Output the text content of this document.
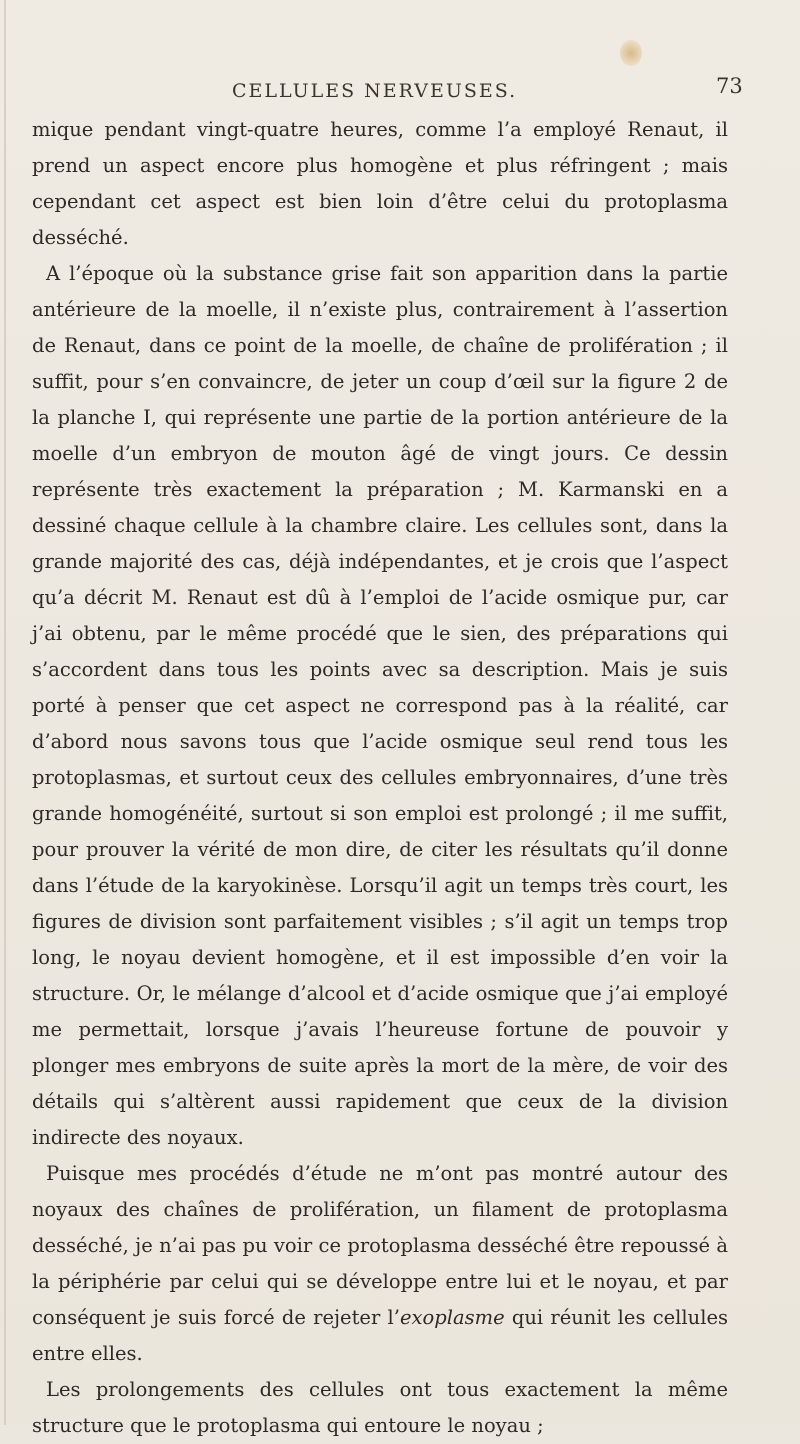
CELLULES NERVEUSES.	73

mique pendant vingt-quatre heures, comme l’a employé Renaut, il prend un aspect encore plus homogène et plus réfringent ; mais cependant cet aspect est bien loin d’être celui du protoplasma desséché.

A l’époque où la substance grise fait son apparition dans la partie antérieure de la moelle, il n’existe plus, contrairement à l’assertion de Renaut, dans ce point de la moelle, de chaîne de prolifération ; il suffit, pour s’en convaincre, de jeter un coup d’œil sur la figure 2 de la planche I, qui représente une partie de la portion antérieure de la moelle d’un embryon de mouton âgé de vingt jours. Ce dessin représente très exactement la préparation ; M. Karmanski en a dessiné chaque cellule à la chambre claire. Les cellules sont, dans la grande majorité des cas, déjà indépendantes, et je crois que l’aspect qu’a décrit M. Renaut est dû à l’emploi de l’acide osmique pur, car j’ai obtenu, par le même procédé que le sien, des préparations qui s’accordent dans tous les points avec sa description. Mais je suis porté à penser que cet aspect ne correspond pas à la réalité, car d’abord nous savons tous que l’acide osmique seul rend tous les protoplasmas, et surtout ceux des cellules embryonnaires, d’une très grande homogénéité, surtout si son emploi est prolongé ; il me suffit, pour prouver la vérité de mon dire, de citer les résultats qu’il donne dans l’étude de la karyokinèse. Lorsqu’il agit un temps très court, les figures de division sont parfaitement visibles ; s’il agit un temps trop long, le noyau devient homogène, et il est impossible d’en voir la structure. Or, le mélange d’alcool et d’acide osmique que j’ai employé me permettait, lorsque j’avais l’heureuse fortune de pouvoir y plonger mes embryons de suite après la mort de la mère, de voir des détails qui s’altèrent aussi rapidement que ceux de la division indirecte des noyaux.

Puisque mes procédés d’étude ne m’ont pas montré autour des noyaux des chaînes de prolifération, un filament de protoplasma desséché, je n’ai pas pu voir ce protoplasma desséché être repoussé à la périphérie par celui qui se développe entre lui et le noyau, et par conséquent je suis forcé de rejeter l’exoplasme qui réunit les cellules entre elles.

Les prolongements des cellules ont tous exactement la même structure que le protoplasma qui entoure le noyau ;
